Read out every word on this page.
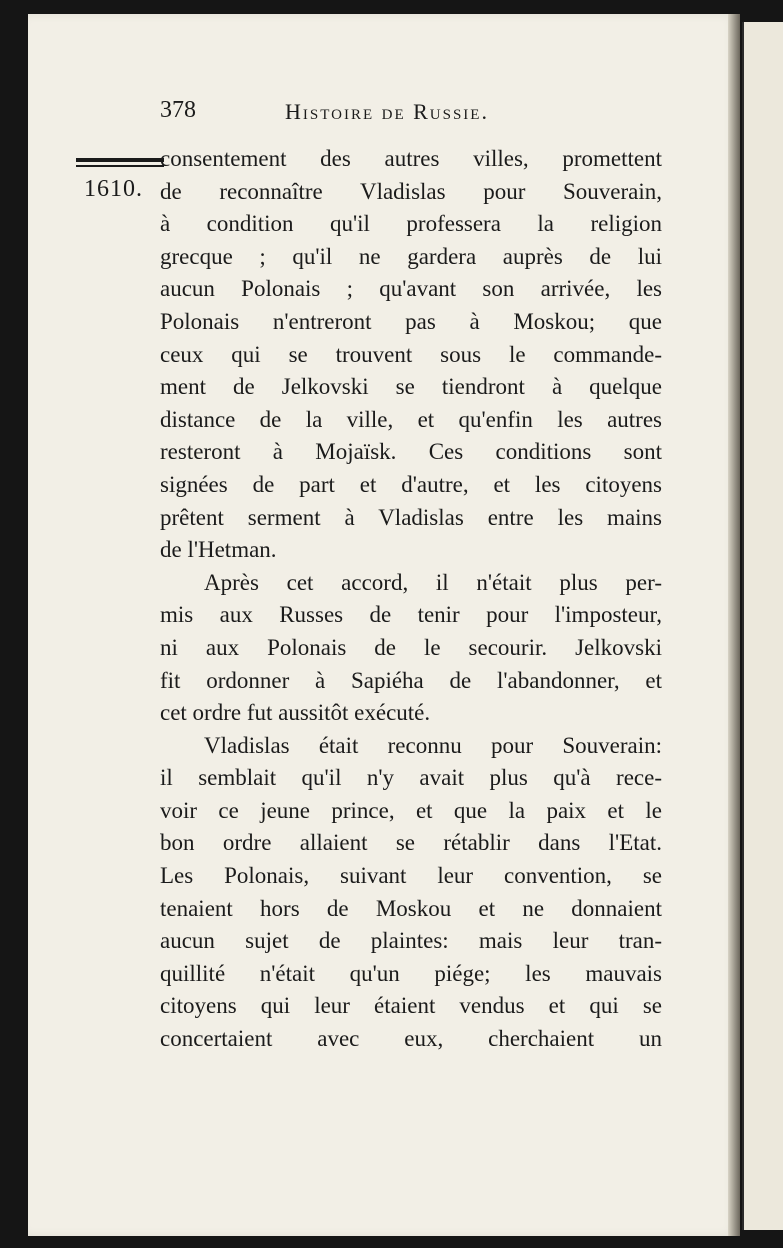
378	Histoire de Russie.
1610.
consentement des autres villes, promettent
de reconnaître Vladislas pour Souverain,
à condition qu'il professera la religion
grecque ; qu'il ne gardera auprès de lui
aucun Polonais ; qu'avant son arrivée, les
Polonais n'entreront pas à Moskou; que
ceux qui se trouvent sous le commande-
ment de Jelkovski se tiendront à quelque
distance de la ville, et qu'enfin les autres
resteront à Mojaïsk. Ces conditions sont
signées de part et d'autre, et les citoyens
prêtent serment à Vladislas entre les mains
de l'Hetman.
Après cet accord, il n'était plus per-
mis aux Russes de tenir pour l'imposteur,
ni aux Polonais de le secourir. Jelkovski
fit ordonner à Sapiéha de l'abandonner, et
cet ordre fut aussitôt exécuté.
Vladislas était reconnu pour Souverain:
il semblait qu'il n'y avait plus qu'à rece-
voir ce jeune prince, et que la paix et le
bon ordre allaient se rétablir dans l'Etat.
Les Polonais, suivant leur convention, se
tenaient hors de Moskou et ne donnaient
aucun sujet de plaintes: mais leur tran-
quillité n'était qu'un piége; les mauvais
citoyens qui leur étaient vendus et qui se
concertaient avec eux, cherchaient un
